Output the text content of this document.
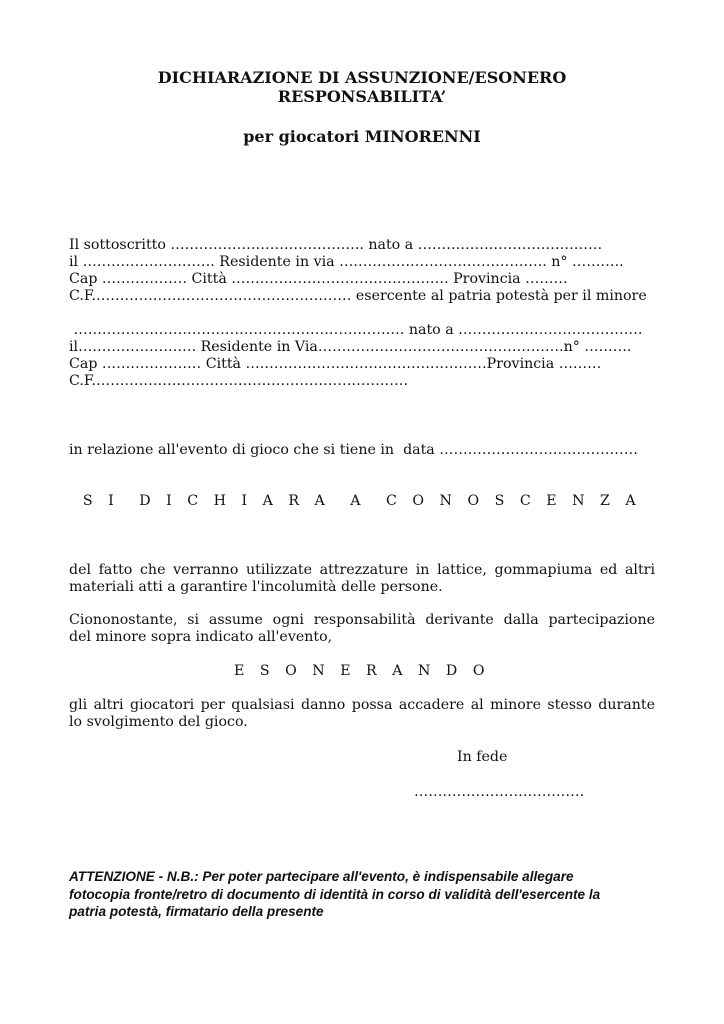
DICHIARAZIONE DI ASSUNZIONE/ESONERO
RESPONSABILITA’
per giocatori MINORENNI
Il sottoscritto ………………………………….. nato a …………………………………
il ………………………. Residente in via …………………………………….. n° ………..
Cap ……………… Città ………………………………………. Provincia ………
C.F.……………………………………………… esercente al patria potestà per il minore
……………………………………………………………. nato a …………………………………
il……………………. Residente in Via…………………………………………….n° ……….
Cap ………………… Città ……………………………………………Provincia ………
C.F.…………………………………………………………
in relazione all'evento di gioco che si tiene in  data ……………………………………
S I  D I C H I A R A  A  C O N O S C E N Z A
del fatto che verranno utilizzate attrezzature in lattice, gommapiuma ed altri
materiali atti a garantire l'incolumità delle persone.
Ciononostante, si assume ogni responsabilità derivante dalla partecipazione
del minore sopra indicato all'evento,
E S O N E R A N D O
gli altri giocatori per qualsiasi danno possa accadere al minore stesso durante
lo svolgimento del gioco.
In fede
………………………………
ATTENZIONE - N.B.: Per poter partecipare all'evento, è indispensabile allegare
fotocopia fronte/retro di documento di identità in corso di validità dell'esercente la
patria potestà, firmatario della presente
